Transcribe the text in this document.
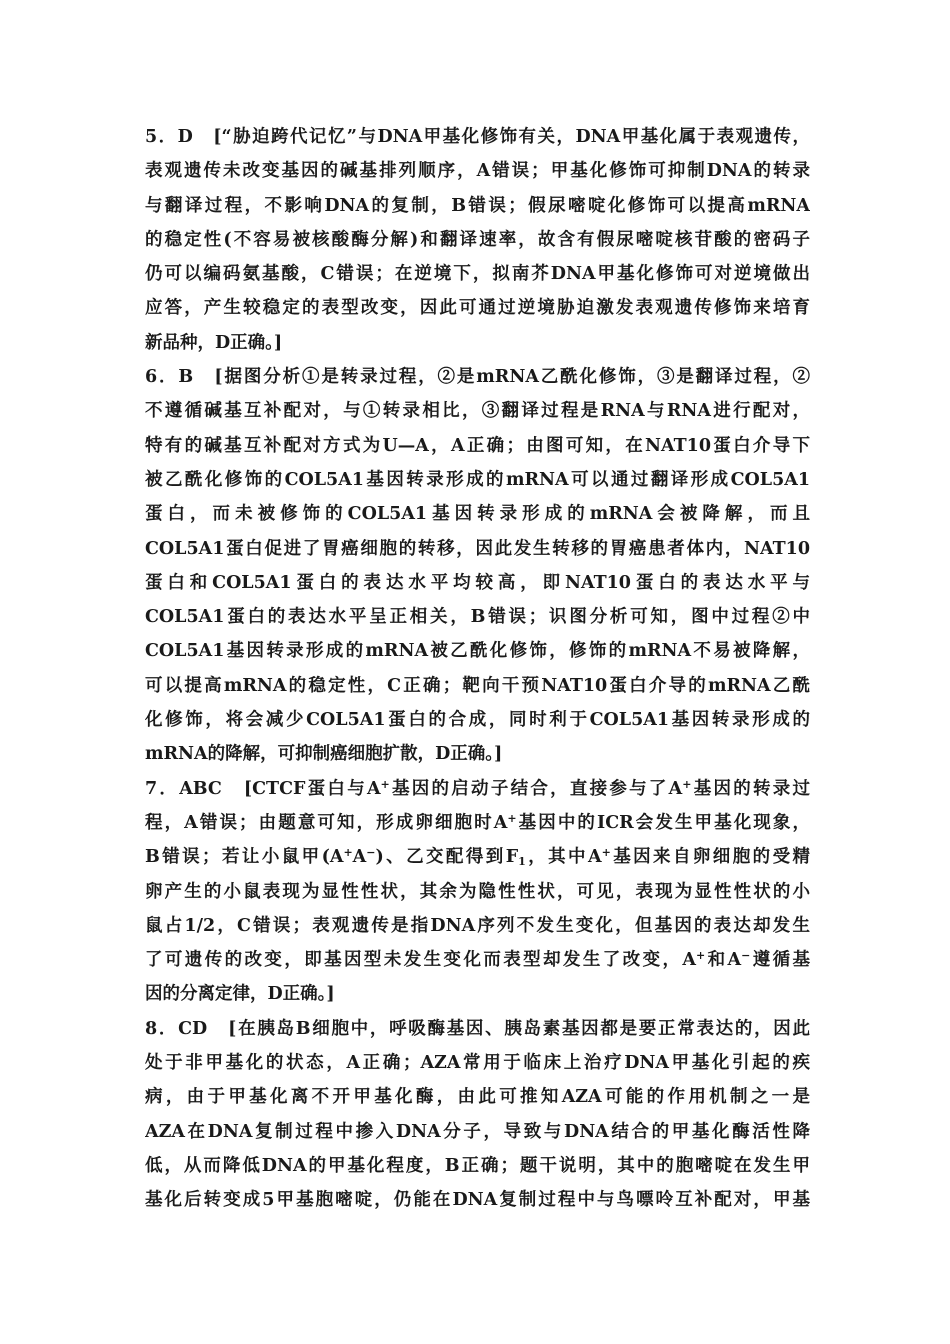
5．D　[“胁迫跨代记忆”与DNA甲基化修饰有关，DNA甲基化属于表观遗传，
表观遗传未改变基因的碱基排列顺序，A错误；甲基化修饰可抑制DNA的转录
与翻译过程，不影响DNA的复制，B错误；假尿嘧啶化修饰可以提高mRNA
的稳定性(不容易被核酸酶分解)和翻译速率，故含有假尿嘧啶核苷酸的密码子
仍可以编码氨基酸，C错误；在逆境下，拟南芥DNA甲基化修饰可对逆境做出
应答，产生较稳定的表型改变，因此可通过逆境胁迫激发表观遗传修饰来培育
新品种，D正确。]

6．B　[据图分析①是转录过程，②是mRNA乙酰化修饰，③是翻译过程，②
不遵循碱基互补配对，与①转录相比，③翻译过程是RNA与RNA进行配对，
特有的碱基互补配对方式为U—A，A正确；由图可知，在NAT10蛋白介导下
被乙酰化修饰的COL5A1基因转录形成的mRNA可以通过翻译形成COL5A1
蛋白，而未被修饰的COL5A1基因转录形成的mRNA会被降解，而且
COL5A1蛋白促进了胃癌细胞的转移，因此发生转移的胃癌患者体内，NAT10
蛋白和COL5A1蛋白的表达水平均较高，即NAT10蛋白的表达水平与
COL5A1蛋白的表达水平呈正相关，B错误；识图分析可知，图中过程②中
COL5A1基因转录形成的mRNA被乙酰化修饰，修饰的mRNA不易被降解，
可以提高mRNA的稳定性，C正确；靶向干预NAT10蛋白介导的mRNA乙酰
化修饰，将会减少COL5A1蛋白的合成，同时利于COL5A1基因转录形成的
mRNA的降解，可抑制癌细胞扩散，D正确。]

7．ABC　[CTCF蛋白与A+基因的启动子结合，直接参与了A+基因的转录过
程，A错误；由题意可知，形成卵细胞时A+基因中的ICR会发生甲基化现象，
B错误；若让小鼠甲(A+A−)、乙交配得到$F_1$，其中A+基因来自卵细胞的受精
卵产生的小鼠表现为显性性状，其余为隐性性状，可见，表现为显性性状的小
鼠占1/2，C错误；表观遗传是指DNA序列不发生变化，但基因的表达却发生
了可遗传的改变，即基因型未发生变化而表型却发生了改变，A+和A−遵循基
因的分离定律，D正确。]

8．CD　[在胰岛B细胞中，呼吸酶基因、胰岛素基因都是要正常表达的，因此
处于非甲基化的状态，A正确；AZA常用于临床上治疗DNA甲基化引起的疾
病，由于甲基化离不开甲基化酶，由此可推知AZA可能的作用机制之一是
AZA在DNA复制过程中掺入DNA分子，导致与DNA结合的甲基化酶活性降
低，从而降低DNA的甲基化程度，B正确；题干说明，其中的胞嘧啶在发生甲
基化后转变成5甲基胞嘧啶，仍能在DNA复制过程中与鸟嘌呤互补配对，甲基
